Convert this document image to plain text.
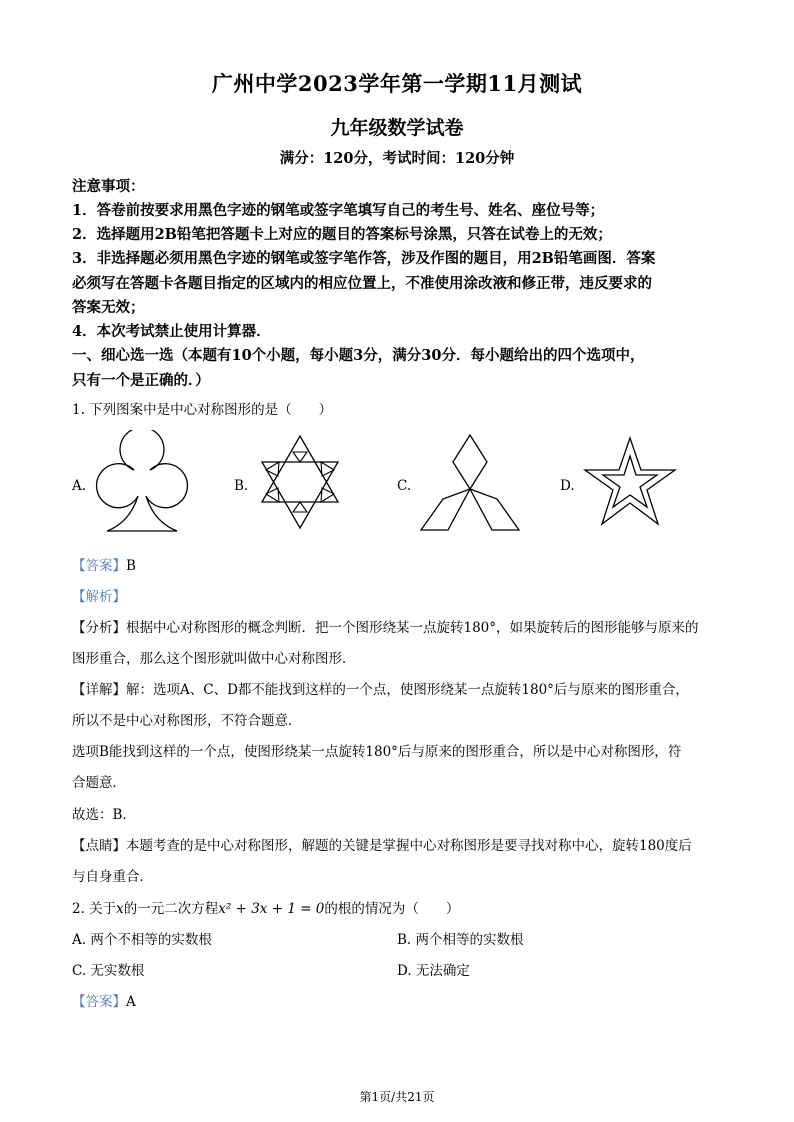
广州中学2023学年第一学期11月测试
九年级数学试卷
满分：120分，考试时间：120分钟
注意事项：
1．答卷前按要求用黑色字迹的钢笔或签字笔填写自己的考生号、姓名、座位号等；
2．选择题用2B铅笔把答题卡上对应的题目的答案标号涂黑，只答在试卷上的无效；
3．非选择题必须用黑色字迹的钢笔或签字笔作答，涉及作图的题目，用2B铅笔画图．答案
必须写在答题卡各题目指定的区域内的相应位置上，不准使用涂改液和修正带，违反要求的
答案无效；
4．本次考试禁止使用计算器．
一、细心选一选（本题有10个小题，每小题3分，满分30分．每小题给出的四个选项中，
只有一个是正确的．）
1. 下列图案中是中心对称图形的是（　　）
A.	B.	C.	D.
【答案】B
【解析】
【分析】根据中心对称图形的概念判断．把一个图形绕某一点旋转180°，如果旋转后的图形能够与原来的
图形重合，那么这个图形就叫做中心对称图形．
【详解】解：选项A、C、D都不能找到这样的一个点，使图形绕某一点旋转180°后与原来的图形重合，
所以不是中心对称图形，不符合题意．
选项B能找到这样的一个点，使图形绕某一点旋转180°后与原来的图形重合，所以是中心对称图形，符
合题意．
故选：B．
【点睛】本题考查的是中心对称图形，解题的关键是掌握中心对称图形是要寻找对称中心，旋转180度后
与自身重合．
2. 关于x的一元二次方程x² + 3x + 1 = 0的根的情况为（　　）
A. 两个不相等的实数根	B. 两个相等的实数根
C. 无实数根	D. 无法确定
【答案】A
第1页/共21页
